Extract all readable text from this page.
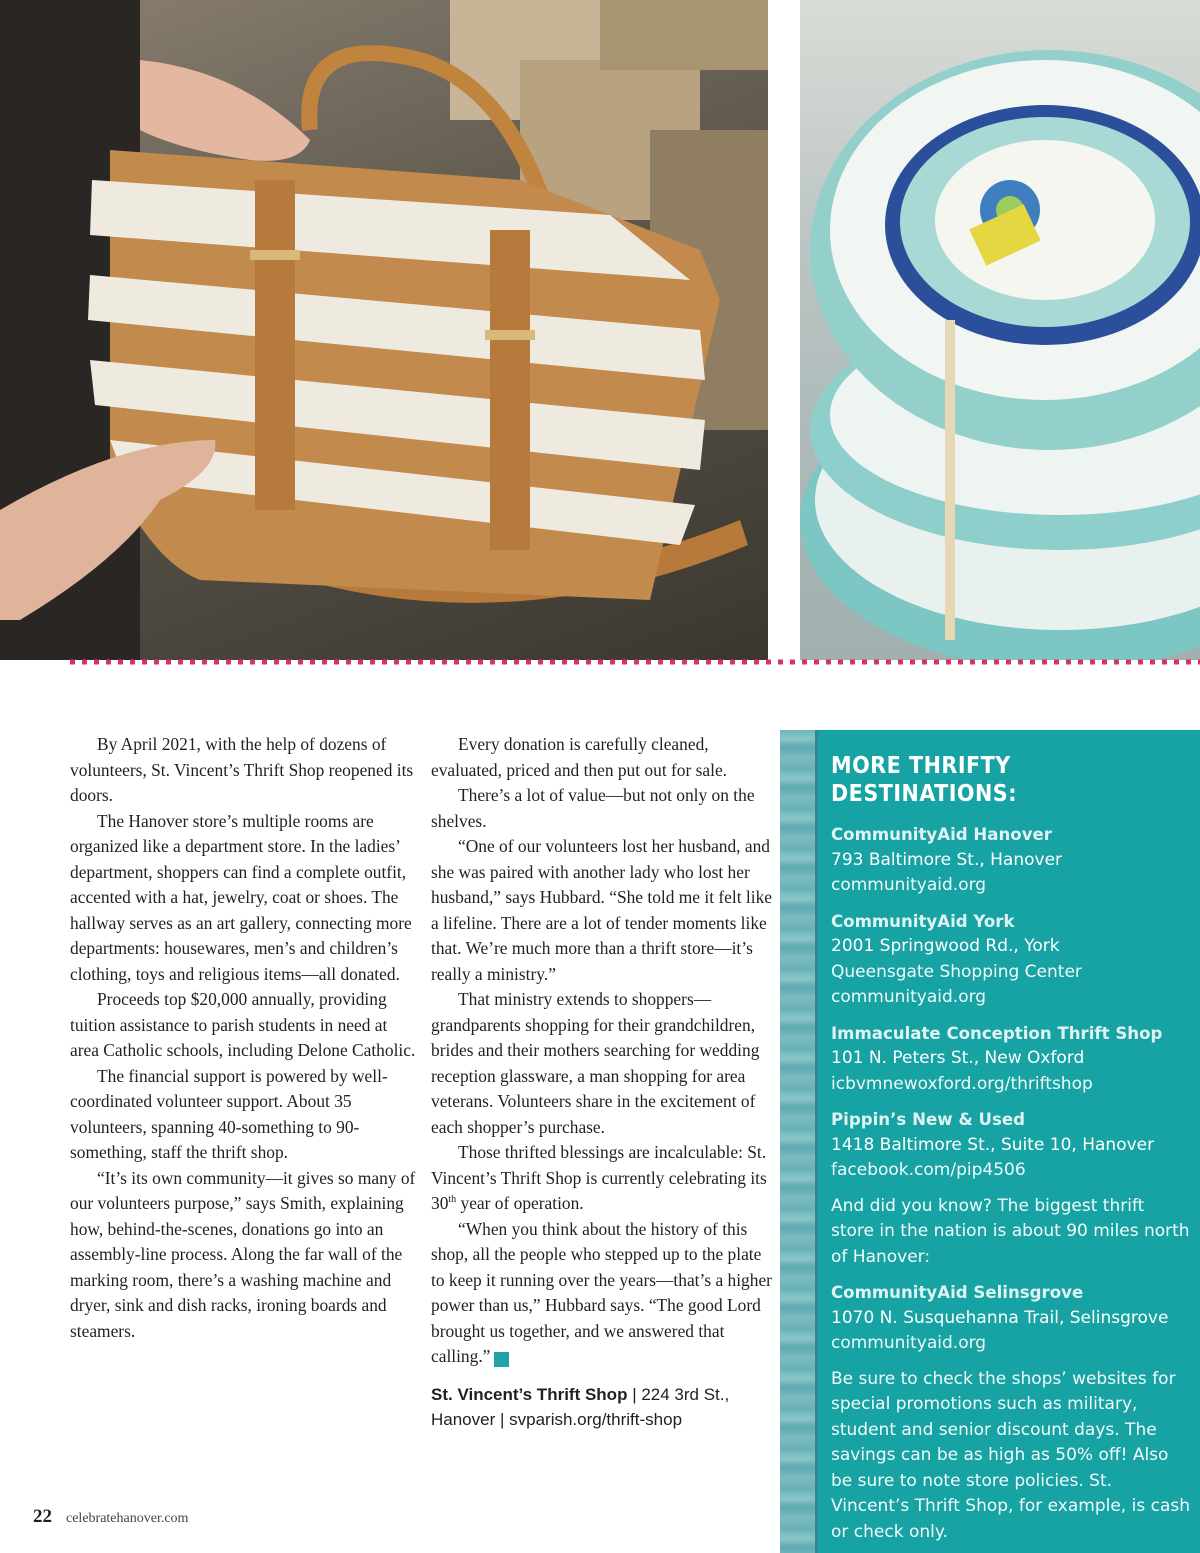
By April 2021, with the help of dozens of volunteers, St. Vincent’s Thrift Shop reopened its doors.

The Hanover store’s multiple rooms are organized like a department store. In the ladies’ department, shoppers can find a complete outfit, accented with a hat, jewelry, coat or shoes. The hallway serves as an art gallery, connecting more departments: housewares, men’s and children’s clothing, toys and religious items—all donated.

Proceeds top $20,000 annually, providing tuition assistance to parish students in need at area Catholic schools, including Delone Catholic.

The financial support is powered by well-coordinated volunteer support. About 35 volunteers, spanning 40-something to 90-something, staff the thrift shop.

“It’s its own community—it gives so many of our volunteers purpose,” says Smith, explaining how, behind-the-scenes, donations go into an assembly-line process. Along the far wall of the marking room, there’s a washing machine and dryer, sink and dish racks, ironing boards and steamers.

Every donation is carefully cleaned, evaluated, priced and then put out for sale.

There’s a lot of value—but not only on the shelves.

“One of our volunteers lost her husband, and she was paired with another lady who lost her husband,” says Hubbard. “She told me it felt like a lifeline. There are a lot of tender moments like that. We’re much more than a thrift store—it’s really a ministry.”

That ministry extends to shoppers—grandparents shopping for their grandchildren, brides and their mothers searching for wedding reception glassware, a man shopping for area veterans. Volunteers share in the excitement of each shopper’s purchase.

Those thrifted blessings are incalculable: St. Vincent’s Thrift Shop is currently celebrating its 30th year of operation.

“When you think about the history of this shop, all the people who stepped up to the plate to keep it running over the years—that’s a higher power than us,” Hubbard says. “The good Lord brought us together, and we answered that calling.”	cf

St. Vincent’s Thrift Shop | 224 3rd St., Hanover | svparish.org/thrift-shop
MORE THRIFTY DESTINATIONS:
CommunityAid Hanover
793 Baltimore St., Hanover
communityaid.org
CommunityAid York
2001 Springwood Rd., York
Queensgate Shopping Center
communityaid.org
Immaculate Conception Thrift Shop
101 N. Peters St., New Oxford
icbvmnewoxford.org/thriftshop
Pippin’s New & Used
1418 Baltimore St., Suite 10, Hanover
facebook.com/pip4506

And did you know? The biggest thrift store in the nation is about 90 miles north of Hanover:

CommunityAid Selinsgrove
1070 N. Susquehanna Trail, Selinsgrove
communityaid.org

Be sure to check the shops’ websites for special promotions such as military, student and senior discount days. The savings can be as high as 50% off! Also be sure to note store policies. St. Vincent’s Thrift Shop, for example, is cash or check only.

22 celebratehanover.com
